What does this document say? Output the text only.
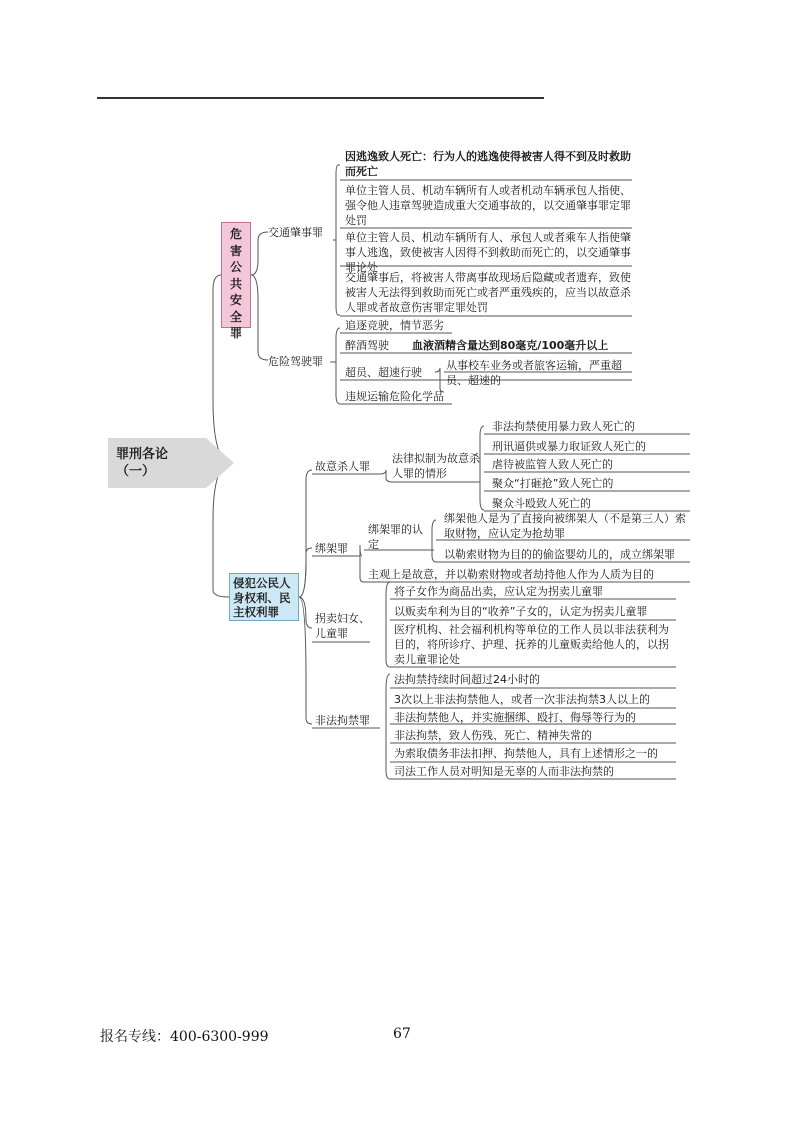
罪刑各论（一）
危害公共安全罪
交通肇事罪
因逃逸致人死亡：行为人的逃逸使得被害人得不到及时救助而死亡
单位主管人员、机动车辆所有人或者机动车辆承包人指使、强令他人违章驾驶造成重大交通事故的，以交通肇事罪定罪处罚
单位主管人员、机动车辆所有人、承包人或者乘车人指使肇事人逃逸，致使被害人因得不到救助而死亡的，以交通肇事罪论处
交通肇事后，将被害人带离事故现场后隐藏或者遗弃，致使被害人无法得到救助而死亡或者严重残疾的，应当以故意杀人罪或者故意伤害罪定罪处罚
危险驾驶罪
追逐竞驶，情节恶劣
醉酒驾驶 血液酒精含量达到80毫克/100毫升以上
超员、超速行驶
从事校车业务或者旅客运输，严重超员、超速的
违规运输危险化学品
侵犯公民人身权利、民主权利罪
故意杀人罪
法律拟制为故意杀人罪的情形
非法拘禁使用暴力致人死亡的
刑讯逼供或暴力取证致人死亡的
虐待被监管人致人死亡的
聚众“打砸抢”致人死亡的
聚众斗殴致人死亡的
绑架罪
绑架罪的认定
绑架他人是为了直接向被绑架人（不是第三人）索取财物，应认定为抢劫罪
以勒索财物为目的的偷盗婴幼儿的，成立绑架罪
主观上是故意，并以勒索财物或者劫持他人作为人质为目的
拐卖妇女、儿童罪
将子女作为商品出卖，应认定为拐卖儿童罪
以贩卖牟利为目的“收养”子女的，认定为拐卖儿童罪
医疗机构、社会福利机构等单位的工作人员以非法获利为目的，将所诊疗、护理、抚养的儿童贩卖给他人的，以拐卖儿童罪论处
非法拘禁罪
法拘禁持续时间超过24小时的
3次以上非法拘禁他人，或者一次非法拘禁3人以上的
非法拘禁他人，并实施捆绑、殴打、侮辱等行为的
非法拘禁，致人伤残、死亡、精神失常的
为索取债务非法扣押、拘禁他人，具有上述情形之一的
司法工作人员对明知是无辜的人而非法拘禁的
报名专线：400-6300-999	67
